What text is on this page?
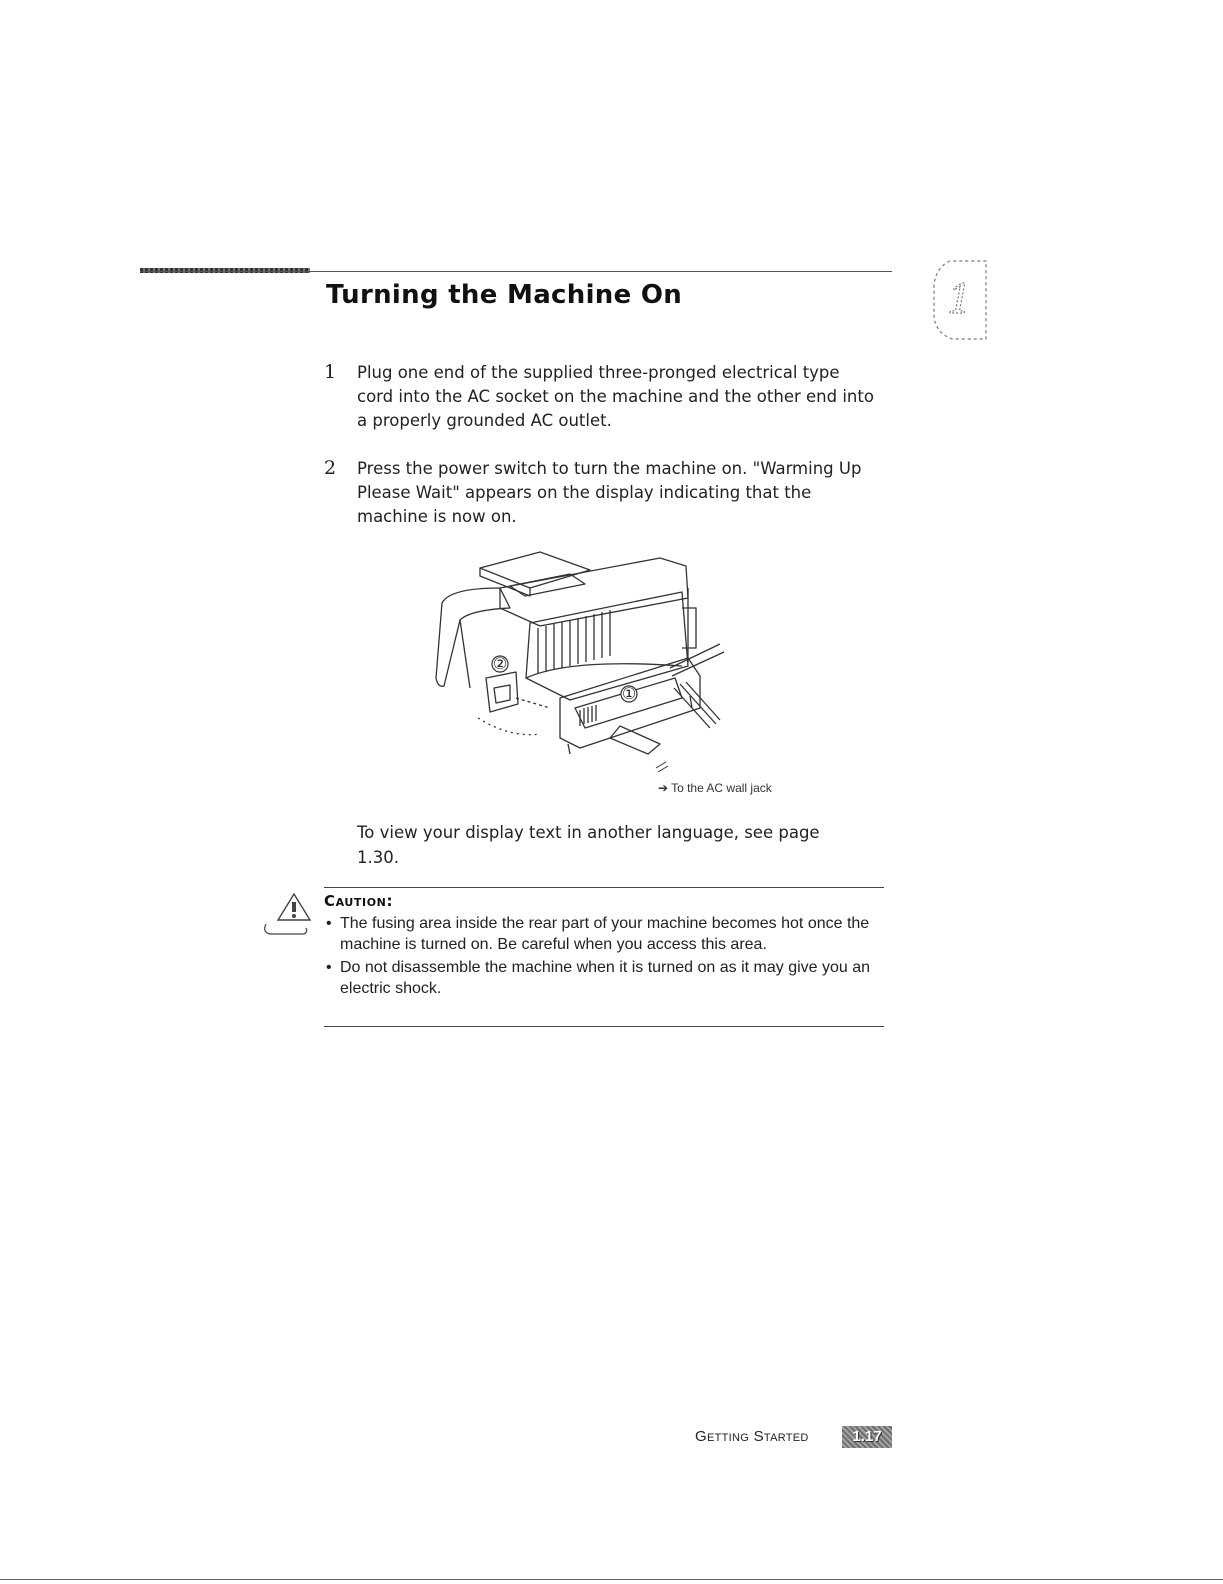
Turning the Machine On	1
1	Plug one end of the supplied three-pronged electrical type cord into the AC socket on the machine and the other end into a properly grounded AC outlet.
2	Press the power switch to turn the machine on. "Warming Up Please Wait" appears on the display indicating that the machine is now on.
②
①
➔ To the AC wall jack
To view your display text in another language, see page 1.30.
Caution:
• The fusing area inside the rear part of your machine becomes hot once the machine is turned on. Be careful when you access this area.
• Do not disassemble the machine when it is turned on as it may give you an electric shock.
Getting Started	1.17
